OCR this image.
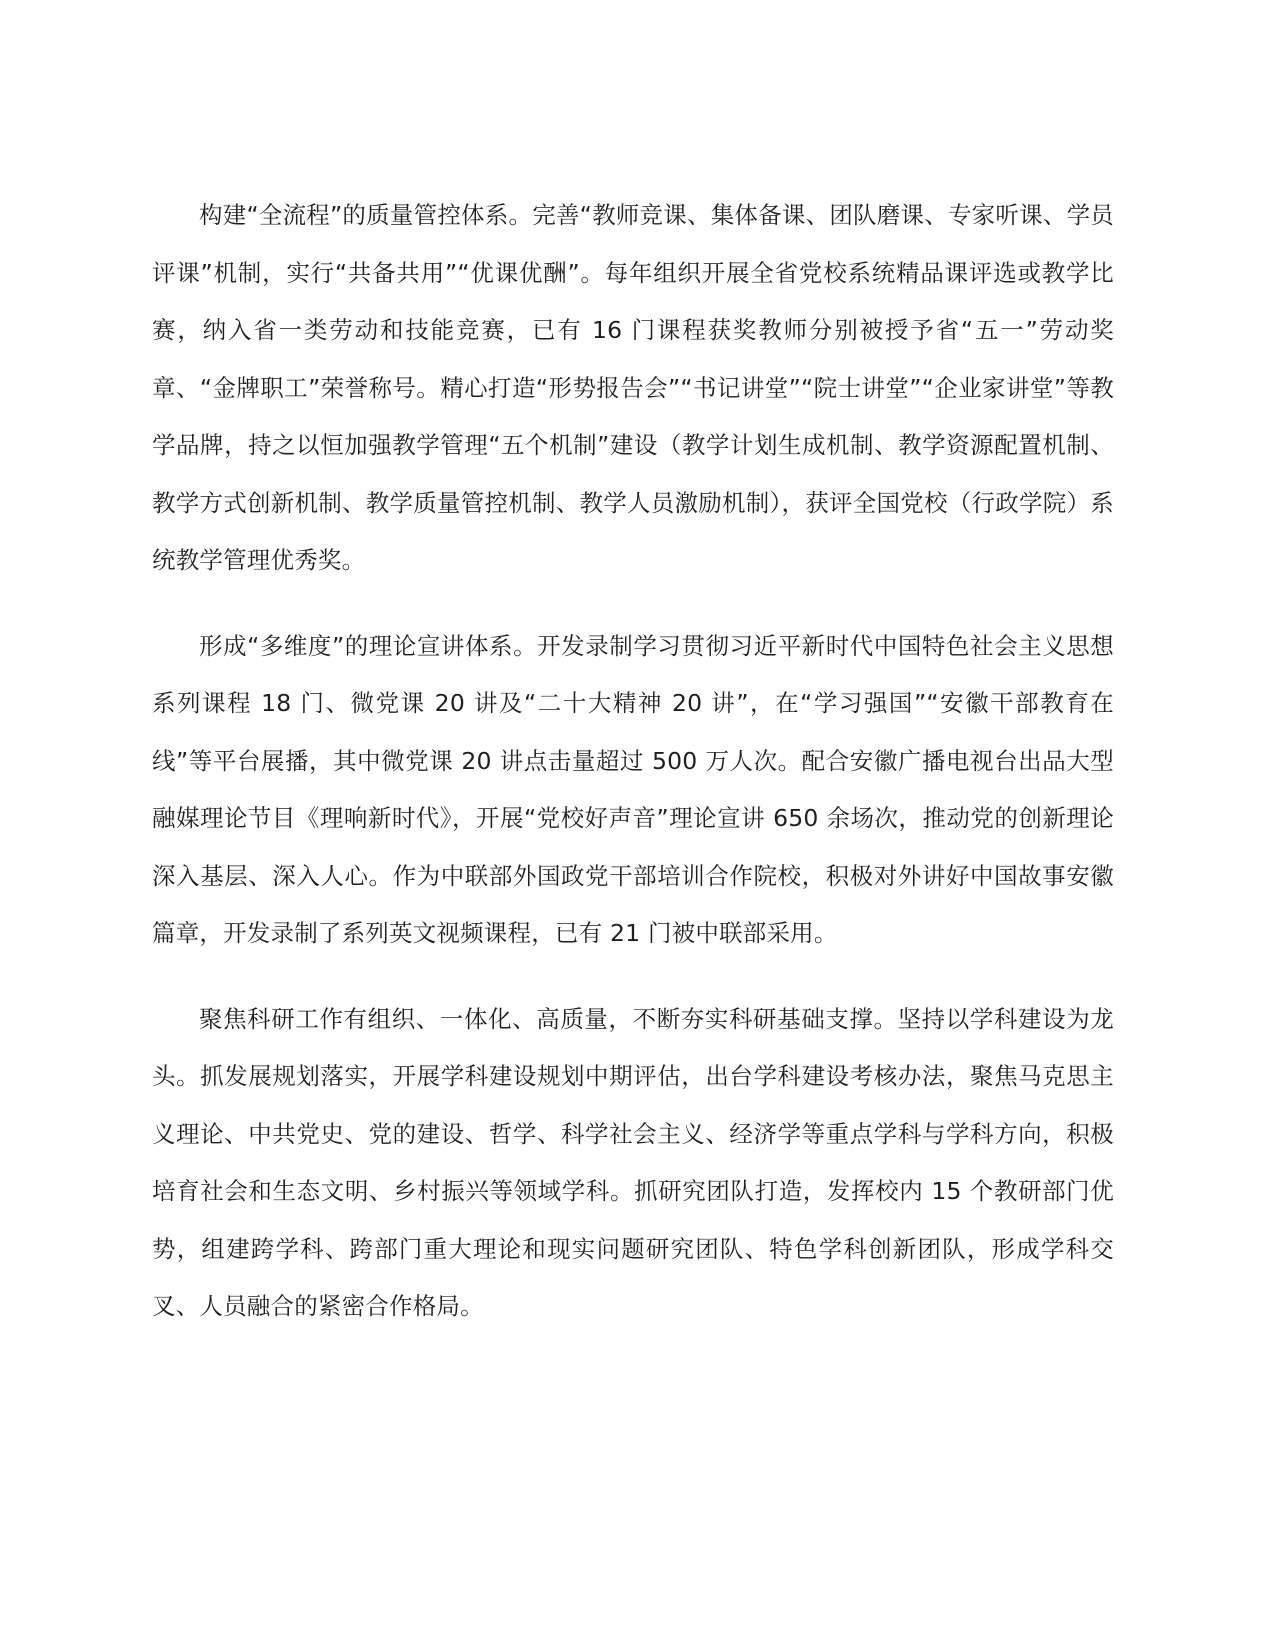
构建“全流程”的质量管控体系。完善“教师竞课、集体备课、团队磨课、专家听课、学员评课”机制，实行“共备共用”“优课优酬”。每年组织开展全省党校系统精品课评选或教学比赛，纳入省一类劳动和技能竞赛，已有 16 门课程获奖教师分别被授予省“五一”劳动奖章、“金牌职工”荣誉称号。精心打造“形势报告会”“书记讲堂”“院士讲堂”“企业家讲堂”等教学品牌，持之以恒加强教学管理“五个机制”建设（教学计划生成机制、教学资源配置机制、教学方式创新机制、教学质量管控机制、教学人员激励机制），获评全国党校（行政学院）系统教学管理优秀奖。

形成“多维度”的理论宣讲体系。开发录制学习贯彻习近平新时代中国特色社会主义思想系列课程 18 门、微党课 20 讲及“二十大精神 20 讲”，在“学习强国”“安徽干部教育在线”等平台展播，其中微党课 20 讲点击量超过 500 万人次。配合安徽广播电视台出品大型融媒理论节目《理响新时代》，开展“党校好声音”理论宣讲 650 余场次，推动党的创新理论深入基层、深入人心。作为中联部外国政党干部培训合作院校，积极对外讲好中国故事安徽篇章，开发录制了系列英文视频课程，已有 21 门被中联部采用。

聚焦科研工作有组织、一体化、高质量，不断夯实科研基础支撑。坚持以学科建设为龙头。抓发展规划落实，开展学科建设规划中期评估，出台学科建设考核办法，聚焦马克思主义理论、中共党史、党的建设、哲学、科学社会主义、经济学等重点学科与学科方向，积极培育社会和生态文明、乡村振兴等领域学科。抓研究团队打造，发挥校内 15 个教研部门优势，组建跨学科、跨部门重大理论和现实问题研究团队、特色学科创新团队，形成学科交叉、人员融合的紧密合作格局。
